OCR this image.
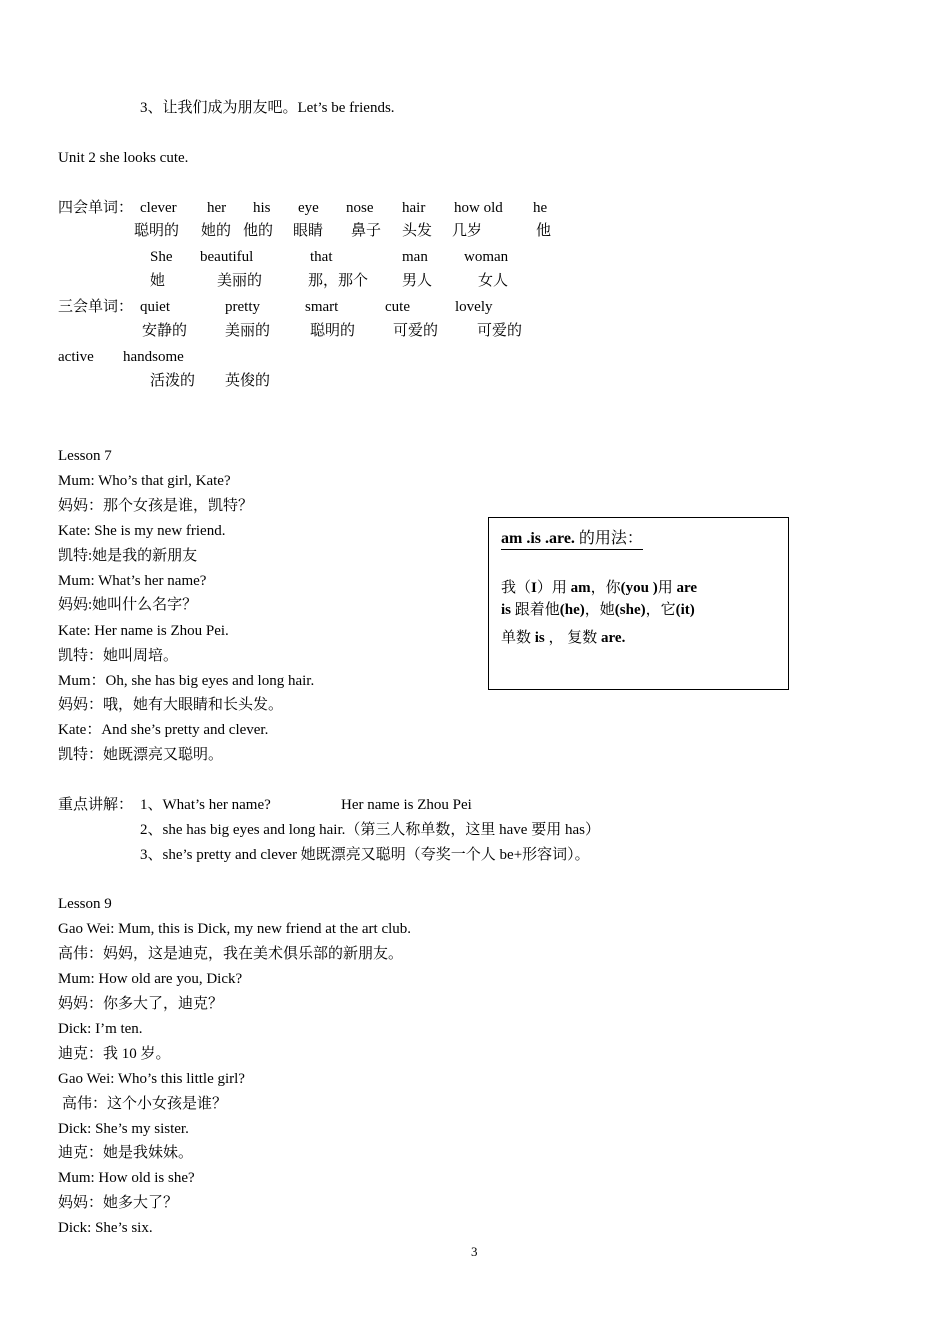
3、让我们成为朋友吧。Let’s be friends.
Unit 2 she looks cute.
四会单词： clever her his eye nose hair how old he
聪明的 她的 他的 眼睛 鼻子 头发 几岁	他
She beautiful	that	man woman
她	美丽的	那，那个 男人	女人
三会单词： quiet	pretty	smart	cute	lovely
安静的	美丽的	聪明的	可爱的	可爱的
active handsome
活泼的 英俊的
Lesson 7
Mum: Who’s that girl, Kate?
妈妈：那个女孩是谁，凯特？
Kate: She is my new friend.
凯特:她是我的新朋友
Mum: What’s her name?
妈妈:她叫什么名字？
Kate: Her name is Zhou Pei.
凯特：她叫周培。
Mum：Oh, she has big eyes and long hair.
妈妈：哦，她有大眼睛和长头发。
Kate：And she’s pretty and clever.
凯特：她既漂亮又聪明。
am .is .are. 的用法：
我（I）用 am，你(you )用 are
is 跟着他(he)，她(she)，它(it)
单数 is ， 复数 are.
重点讲解： 1、What’s her name?	Her name is Zhou Pei
2、she has big eyes and long hair.（第三人称单数，这里 have 要用 has）
3、she’s pretty and clever 她既漂亮又聪明（夸奖一个人 be+形容词）。
Lesson 9
Gao Wei: Mum, this is Dick, my new friend at the art club.
高伟：妈妈，这是迪克，我在美术俱乐部的新朋友。
Mum: How old are you, Dick?
妈妈：你多大了，迪克？
Dick: I’m ten.
迪克：我 10 岁。
Gao Wei: Who’s this little girl?
高伟：这个小女孩是谁？
Dick: She’s my sister.
迪克：她是我妹妹。
Mum: How old is she?
妈妈：她多大了？
Dick: She’s six.
3
